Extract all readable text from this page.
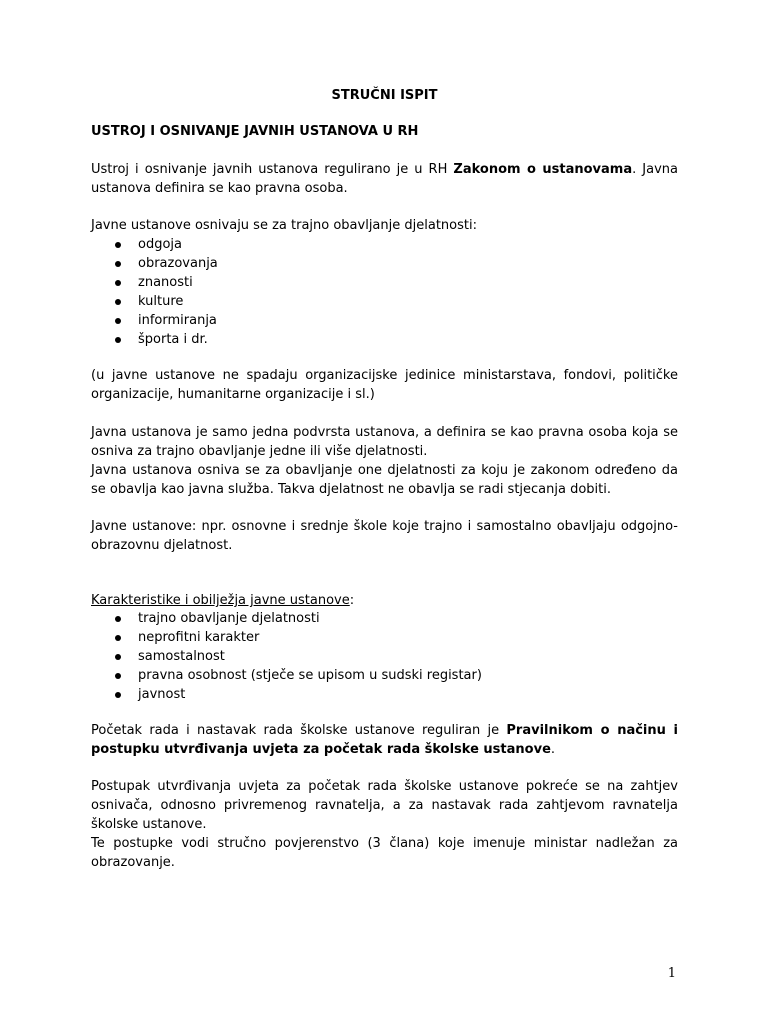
STRUČNI ISPIT
USTROJ I OSNIVANJE JAVNIH USTANOVA U RH

Ustroj i osnivanje javnih ustanova regulirano je u RH Zakonom o ustanovama. Javna ustanova definira se kao pravna osoba.

Javne ustanove osnivaju se za trajno obavljanje djelatnosti:

odgoja
obrazovanja
znanosti
kulture
informiranja
športa i dr.

(u javne ustanove ne spadaju organizacijske jedinice ministarstava, fondovi, političke organizacije, humanitarne organizacije i sl.)

Javna ustanova je samo jedna podvrsta ustanova, a definira se kao pravna osoba koja se osniva za trajno obavljanje jedne ili više djelatnosti.

Javna ustanova osniva se za obavljanje one djelatnosti za koju je zakonom određeno da se obavlja kao javna služba. Takva djelatnost ne obavlja se radi stjecanja dobiti.

Javne ustanove: npr. osnovne i srednje škole koje trajno i samostalno obavljaju odgojno-obrazovnu djelatnost.

Karakteristike i obilježja javne ustanove:

trajno obavljanje djelatnosti
neprofitni karakter
samostalnost
pravna osobnost (stječe se upisom u sudski registar)
javnost

Početak rada i nastavak rada školske ustanove reguliran je Pravilnikom o načinu i postupku utvrđivanja uvjeta za početak rada školske ustanove.

Postupak utvrđivanja uvjeta za početak rada školske ustanove pokreće se na zahtjev osnivača, odnosno privremenog ravnatelja, a za nastavak rada zahtjevom ravnatelja školske ustanove.

Te postupke vodi stručno povjerenstvo (3 člana) koje imenuje ministar nadležan za obrazovanje.

1
